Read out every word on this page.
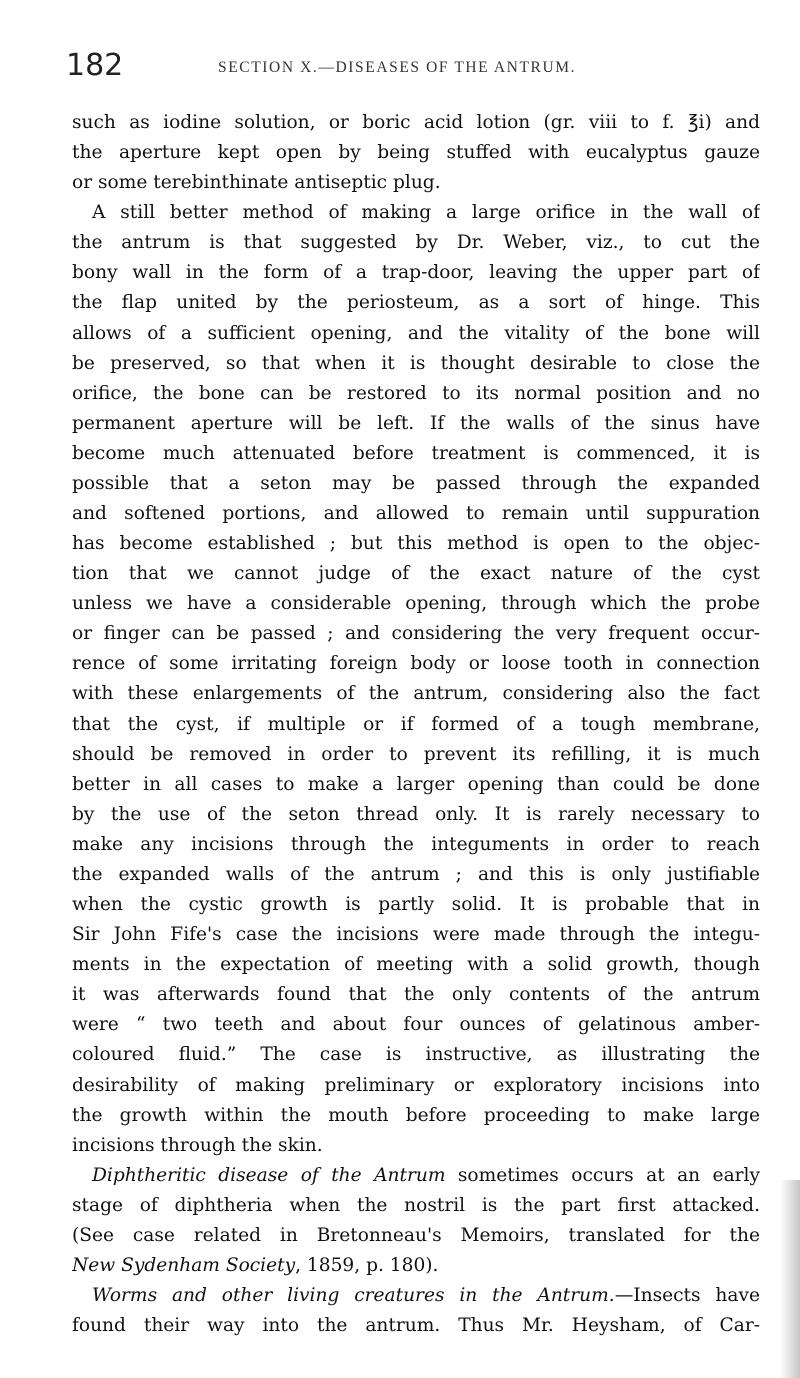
182	SECTION X.—DISEASES OF THE ANTRUM.
such as iodine solution, or boric acid lotion (gr. viii to f. ℥i) and
the aperture kept open by being stuffed with eucalyptus gauze
or some terebinthinate antiseptic plug.
A still better method of making a large orifice in the wall of
the antrum is that suggested by Dr. Weber, viz., to cut the
bony wall in the form of a trap-door, leaving the upper part of
the flap united by the periosteum, as a sort of hinge. This
allows of a sufficient opening, and the vitality of the bone will
be preserved, so that when it is thought desirable to close the
orifice, the bone can be restored to its normal position and no
permanent aperture will be left. If the walls of the sinus have
become much attenuated before treatment is commenced, it is
possible that a seton may be passed through the expanded
and softened portions, and allowed to remain until suppuration
has become established ; but this method is open to the objec-
tion that we cannot judge of the exact nature of the cyst
unless we have a considerable opening, through which the probe
or finger can be passed ; and considering the very frequent occur-
rence of some irritating foreign body or loose tooth in connection
with these enlargements of the antrum, considering also the fact
that the cyst, if multiple or if formed of a tough membrane,
should be removed in order to prevent its refilling, it is much
better in all cases to make a larger opening than could be done
by the use of the seton thread only. It is rarely necessary to
make any incisions through the integuments in order to reach
the expanded walls of the antrum ; and this is only justifiable
when the cystic growth is partly solid. It is probable that in
Sir John Fife's case the incisions were made through the integu-
ments in the expectation of meeting with a solid growth, though
it was afterwards found that the only contents of the antrum
were “ two teeth and about four ounces of gelatinous amber-
coloured fluid.” The case is instructive, as illustrating the
desirability of making preliminary or exploratory incisions into
the growth within the mouth before proceeding to make large
incisions through the skin.
Diphtheritic disease of the Antrum sometimes occurs at an early
stage of diphtheria when the nostril is the part first attacked.
(See case related in Bretonneau's Memoirs, translated for the
New Sydenham Society, 1859, p. 180).
Worms and other living creatures in the Antrum.—Insects have
found their way into the antrum. Thus Mr. Heysham, of Car-
